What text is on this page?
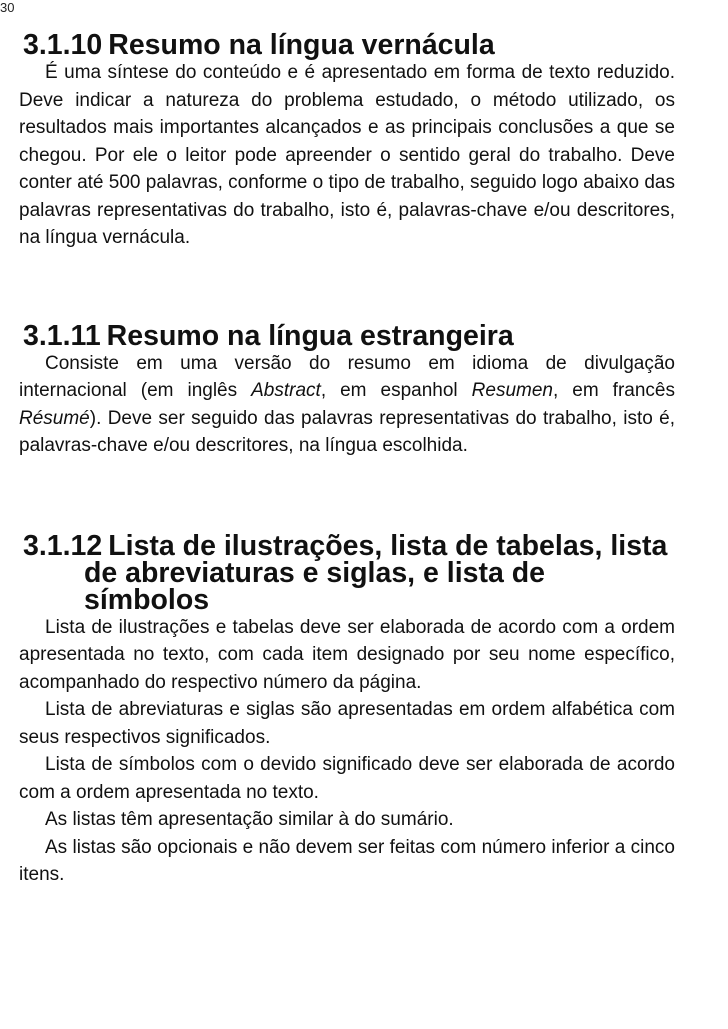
30
3.1.10 Resumo na língua vernácula

É uma síntese do conteúdo e é apresentado em forma de texto reduzido. Deve indicar a natureza do problema estudado, o método utilizado, os resultados mais importantes alcançados e as principais conclusões a que se chegou. Por ele o leitor pode apreender o sentido geral do trabalho. Deve conter até 500 palavras, conforme o tipo de trabalho, seguido logo abaixo das palavras representativas do trabalho, isto é, palavras-chave e/ou descritores, na língua vernácula.

3.1.11 Resumo na língua estrangeira

Consiste em uma versão do resumo em idioma de divulgação internacional (em inglês Abstract, em espanhol Resumen, em francês Résumé). Deve ser seguido das palavras representativas do trabalho, isto é, palavras-chave e/ou descritores, na língua escolhida.

3.1.12 Lista de ilustrações, lista de tabelas, lista de abreviaturas e siglas, e lista de símbolos

Lista de ilustrações e tabelas deve ser elaborada de acordo com a ordem apresentada no texto, com cada item designado por seu nome específico, acompanhado do respectivo número da página.

Lista de abreviaturas e siglas são apresentadas em ordem alfabética com seus respectivos significados.

Lista de símbolos com o devido significado deve ser elaborada de acordo com a ordem apresentada no texto.

As listas têm apresentação similar à do sumário.

As listas são opcionais e não devem ser feitas com número inferior a cinco itens.
